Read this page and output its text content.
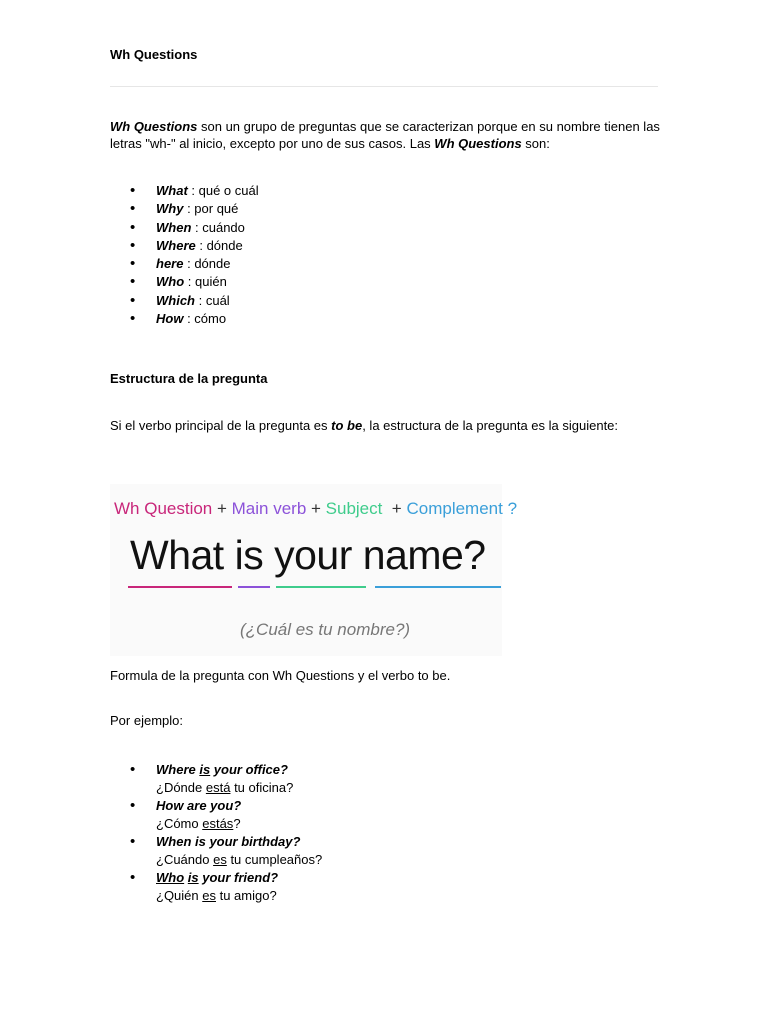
Wh Questions

Wh Questions son un grupo de preguntas que se caracterizan porque en su nombre tienen las letras "wh-" al inicio, excepto por uno de sus casos. Las Wh Questions son:

• What : qué o cuál
• Why : por qué
• When : cuándo
• Where : dónde
• here : dónde
• Who : quién
• Which : cuál
• How : cómo
Estructura de la pregunta

Si el verbo principal de la pregunta es to be, la estructura de la pregunta es la siguiente:

Wh Question + Main verb + Subject  + Complement ?
What is your name?
(¿Cuál es tu nombre?)
Formula de la pregunta con Wh Questions y el verbo to be.
Por ejemplo:
• Where is your office?
¿Dónde está tu oficina?
• How are you?
¿Cómo estás?
• When is your birthday?
¿Cuándo es tu cumpleaños?
• Who is your friend?
¿Quién es tu amigo?
